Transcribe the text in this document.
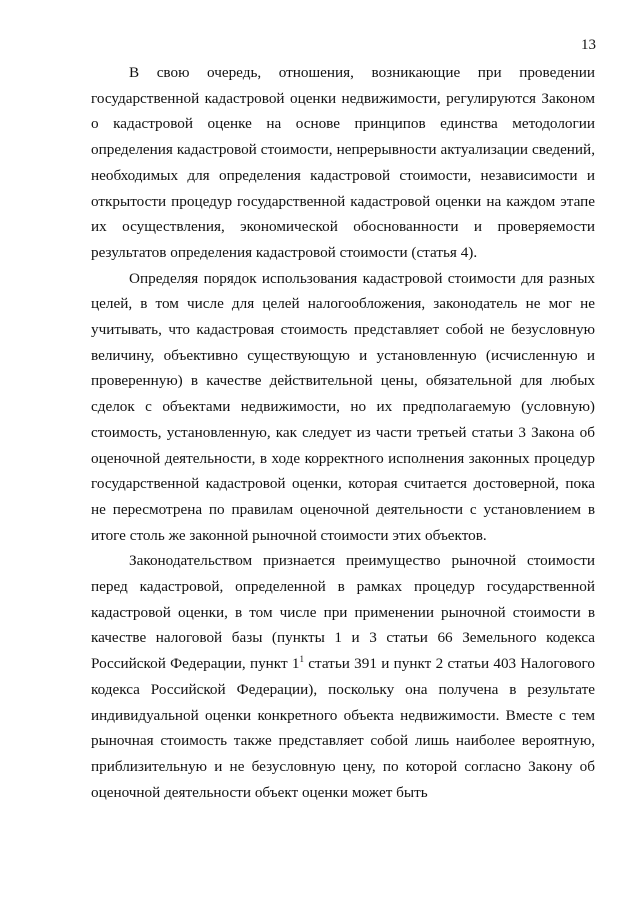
13

В свою очередь, отношения, возникающие при проведении государственной кадастровой оценки недвижимости, регулируются Законом о кадастровой оценке на основе принципов единства методологии определения кадастровой стоимости, непрерывности актуализации сведений, необходимых для определения кадастровой стоимости, независимости и открытости процедур государственной кадастровой оценки на каждом этапе их осуществления, экономической обоснованности и проверяемости результатов определения кадастровой стоимости (статья 4).

Определяя порядок использования кадастровой стоимости для разных целей, в том числе для целей налогообложения, законодатель не мог не учитывать, что кадастровая стоимость представляет собой не безусловную величину, объективно существующую и установленную (исчисленную и проверенную) в качестве действительной цены, обязательной для любых сделок с объектами недвижимости, но их предполагаемую (условную) стоимость, установленную, как следует из части третьей статьи 3 Закона об оценочной деятельности, в ходе корректного исполнения законных процедур государственной кадастровой оценки, которая считается достоверной, пока не пересмотрена по правилам оценочной деятельности с установлением в итоге столь же законной рыночной стоимости этих объектов.

Законодательством признается преимущество рыночной стоимости перед кадастровой, определенной в рамках процедур государственной кадастровой оценки, в том числе при применении рыночной стоимости в качестве налоговой базы (пункты 1 и 3 статьи 66 Земельного кодекса Российской Федерации, пункт $1^1$ статьи 391 и пункт 2 статьи 403 Налогового кодекса Российской Федерации), поскольку она получена в результате индивидуальной оценки конкретного объекта недвижимости. Вместе с тем рыночная стоимость также представляет собой лишь наиболее вероятную, приблизительную и не безусловную цену, по которой согласно Закону об оценочной деятельности объект оценки может быть
